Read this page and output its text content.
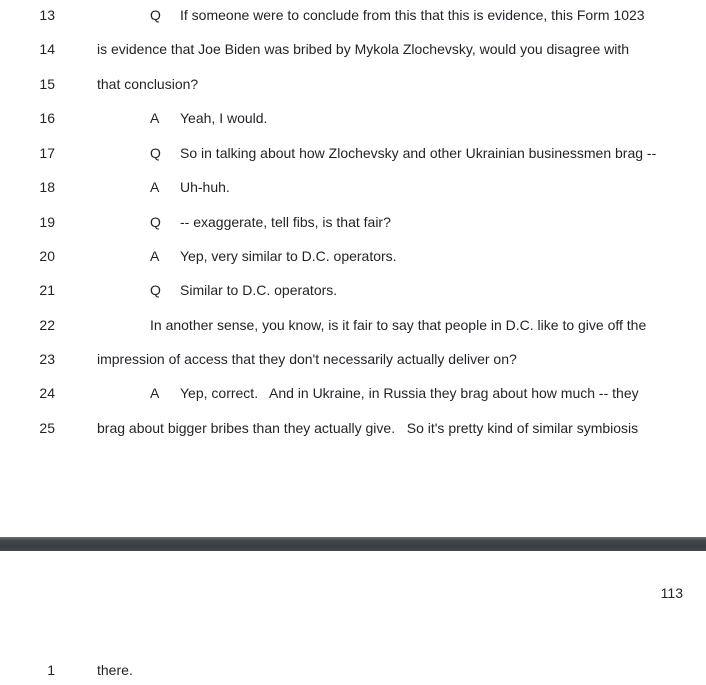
13	Q If someone were to conclude from this that this is evidence, this Form 1023
14	is evidence that Joe Biden was bribed by Mykola Zlochevsky, would you disagree with
15	that conclusion?
16	A Yeah, I would.
17	Q So in talking about how Zlochevsky and other Ukrainian businessmen brag --
18	A Uh-huh.
19	Q -- exaggerate, tell fibs, is that fair?
20	A Yep, very similar to D.C. operators.
21	Q Similar to D.C. operators.
22	In another sense, you know, is it fair to say that people in D.C. like to give off the
23	impression of access that they don't necessarily actually deliver on?
24	A Yep, correct.   And in Ukraine, in Russia they brag about how much -- they
25	brag about bigger bribes than they actually give.   So it's pretty kind of similar symbiosis
113
1	there.
